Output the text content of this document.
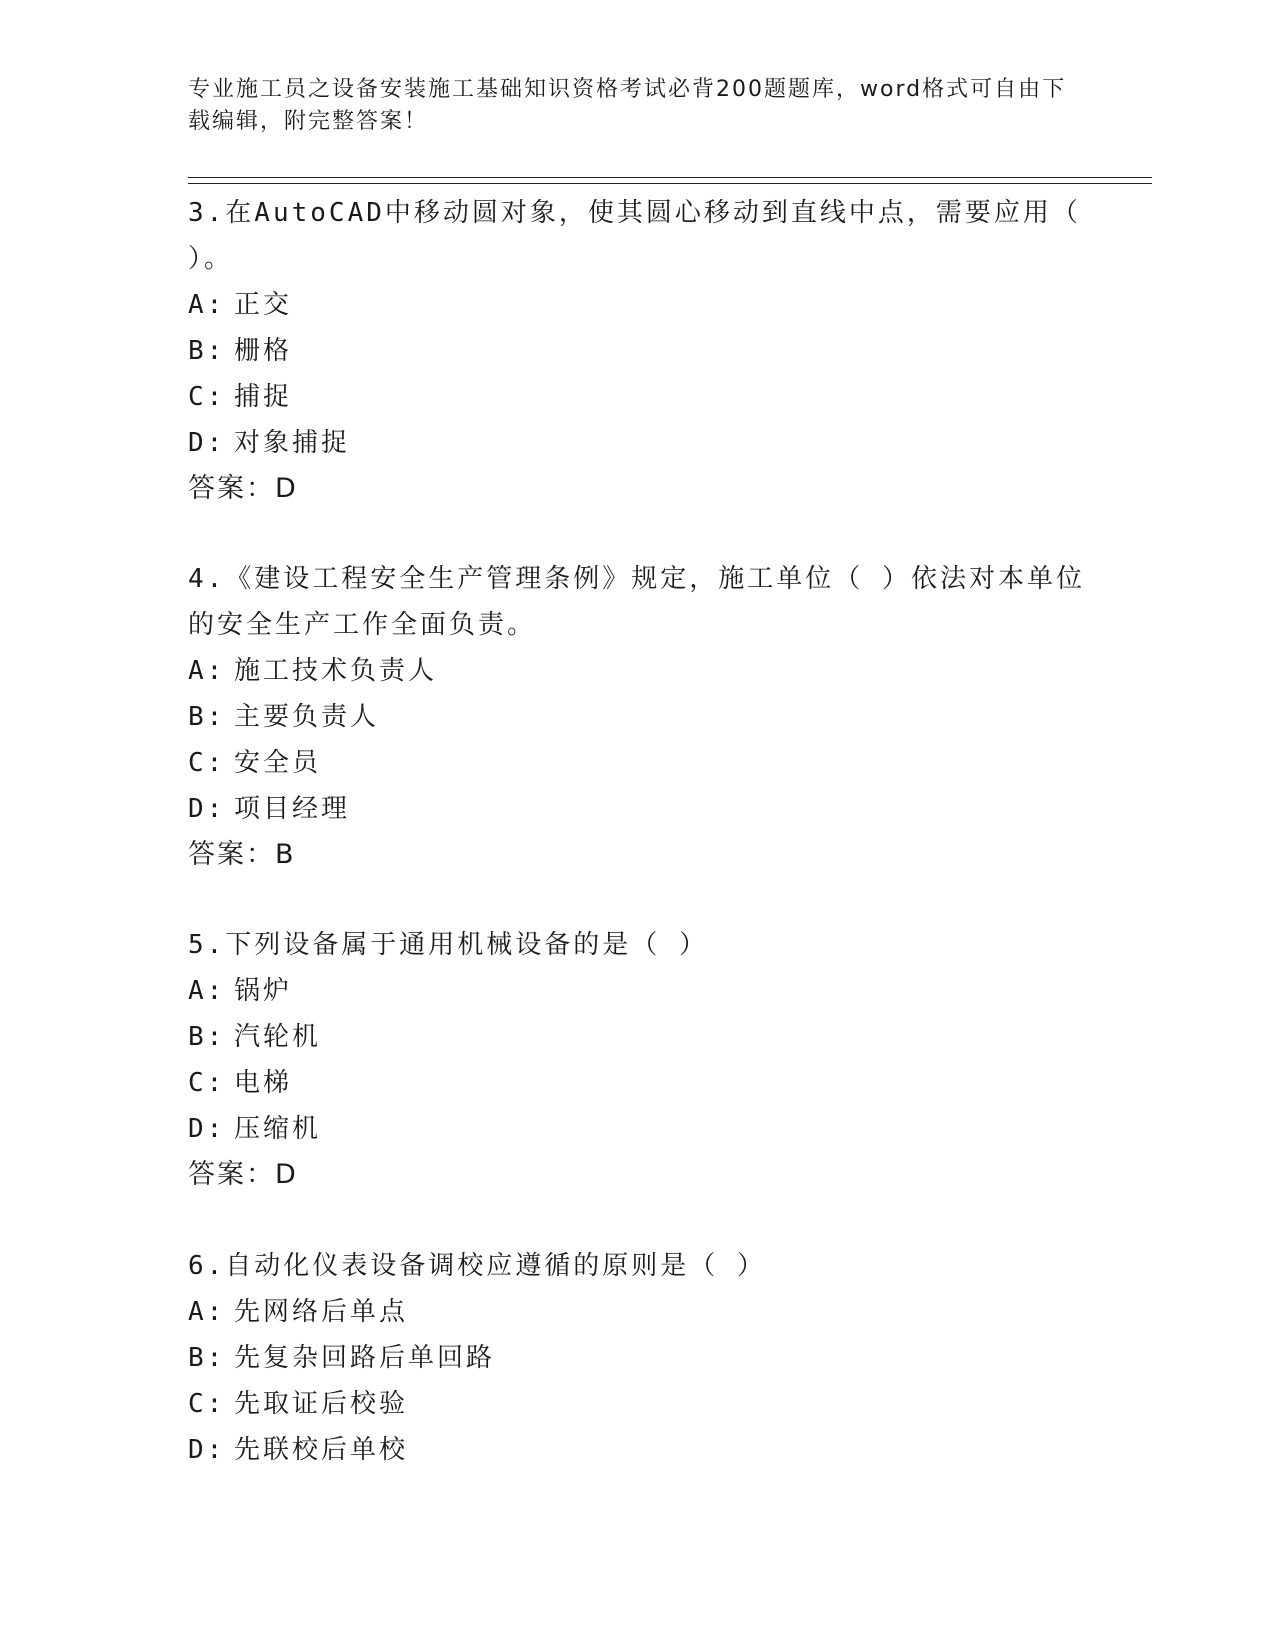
专业施工员之设备安装施工基础知识资格考试必背200题题库，word格式可自由下载编辑，附完整答案！
3.在AutoCAD中移动圆对象，使其圆心移动到直线中点，需要应用（ ）。
A: 正交
B: 栅格
C: 捕捉
D: 对象捕捉
答案：D
4.《建设工程安全生产管理条例》规定，施工单位（ ）依法对本单位的安全生产工作全面负责。
A: 施工技术负责人
B: 主要负责人
C: 安全员
D: 项目经理
答案：B
5.下列设备属于通用机械设备的是（ ）
A: 锅炉
B: 汽轮机
C: 电梯
D: 压缩机
答案：D
6.自动化仪表设备调校应遵循的原则是（ ）
A: 先网络后单点
B: 先复杂回路后单回路
C: 先取证后校验
D: 先联校后单校
